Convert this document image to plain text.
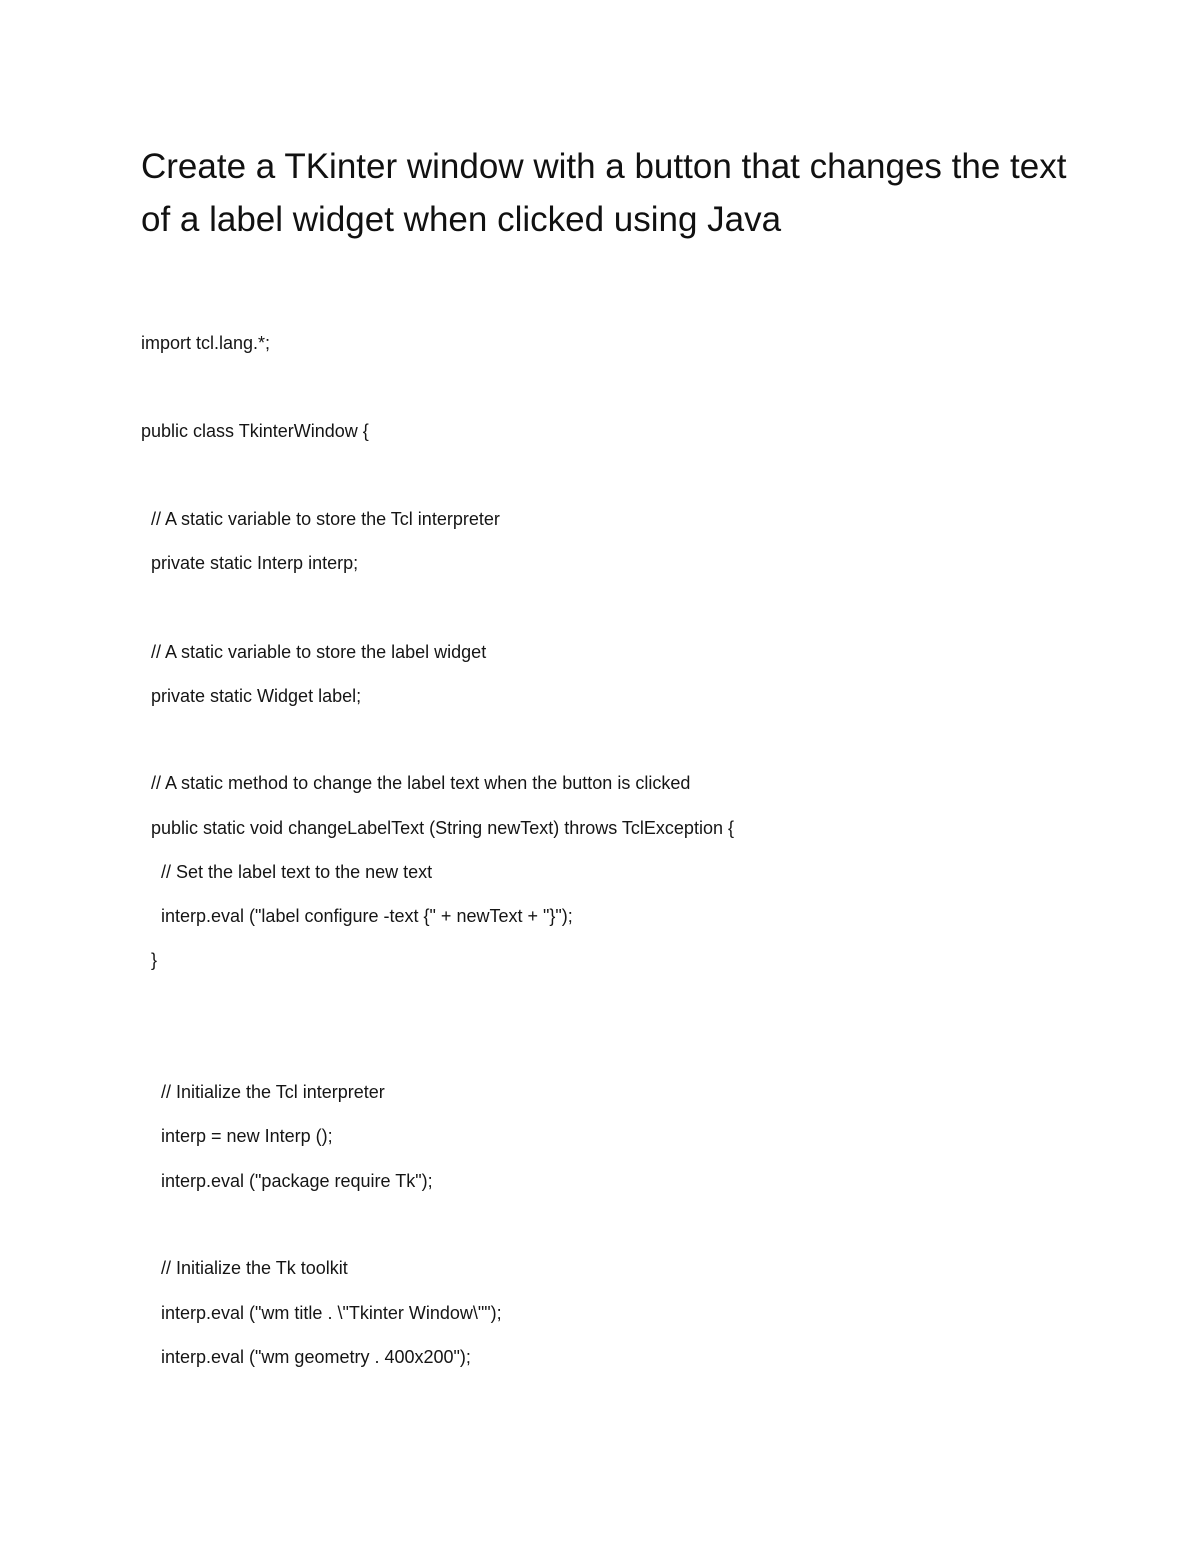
Create a TKinter window with a button that changes the text of a label widget when clicked using Java
import tcl.lang.*;
public class TkinterWindow {
// A static variable to store the Tcl interpreter
private static Interp interp;
// A static variable to store the label widget
private static Widget label;
// A static method to change the label text when the button is clicked
public static void changeLabelText (String newText) throws TclException {
// Set the label text to the new text
interp.eval ("label configure -text {" + newText + "}");
}
// Initialize the Tcl interpreter
interp = new Interp ();
interp.eval ("package require Tk");
// Initialize the Tk toolkit
interp.eval ("wm title . \"Tkinter Window\"");
interp.eval ("wm geometry . 400x200");
